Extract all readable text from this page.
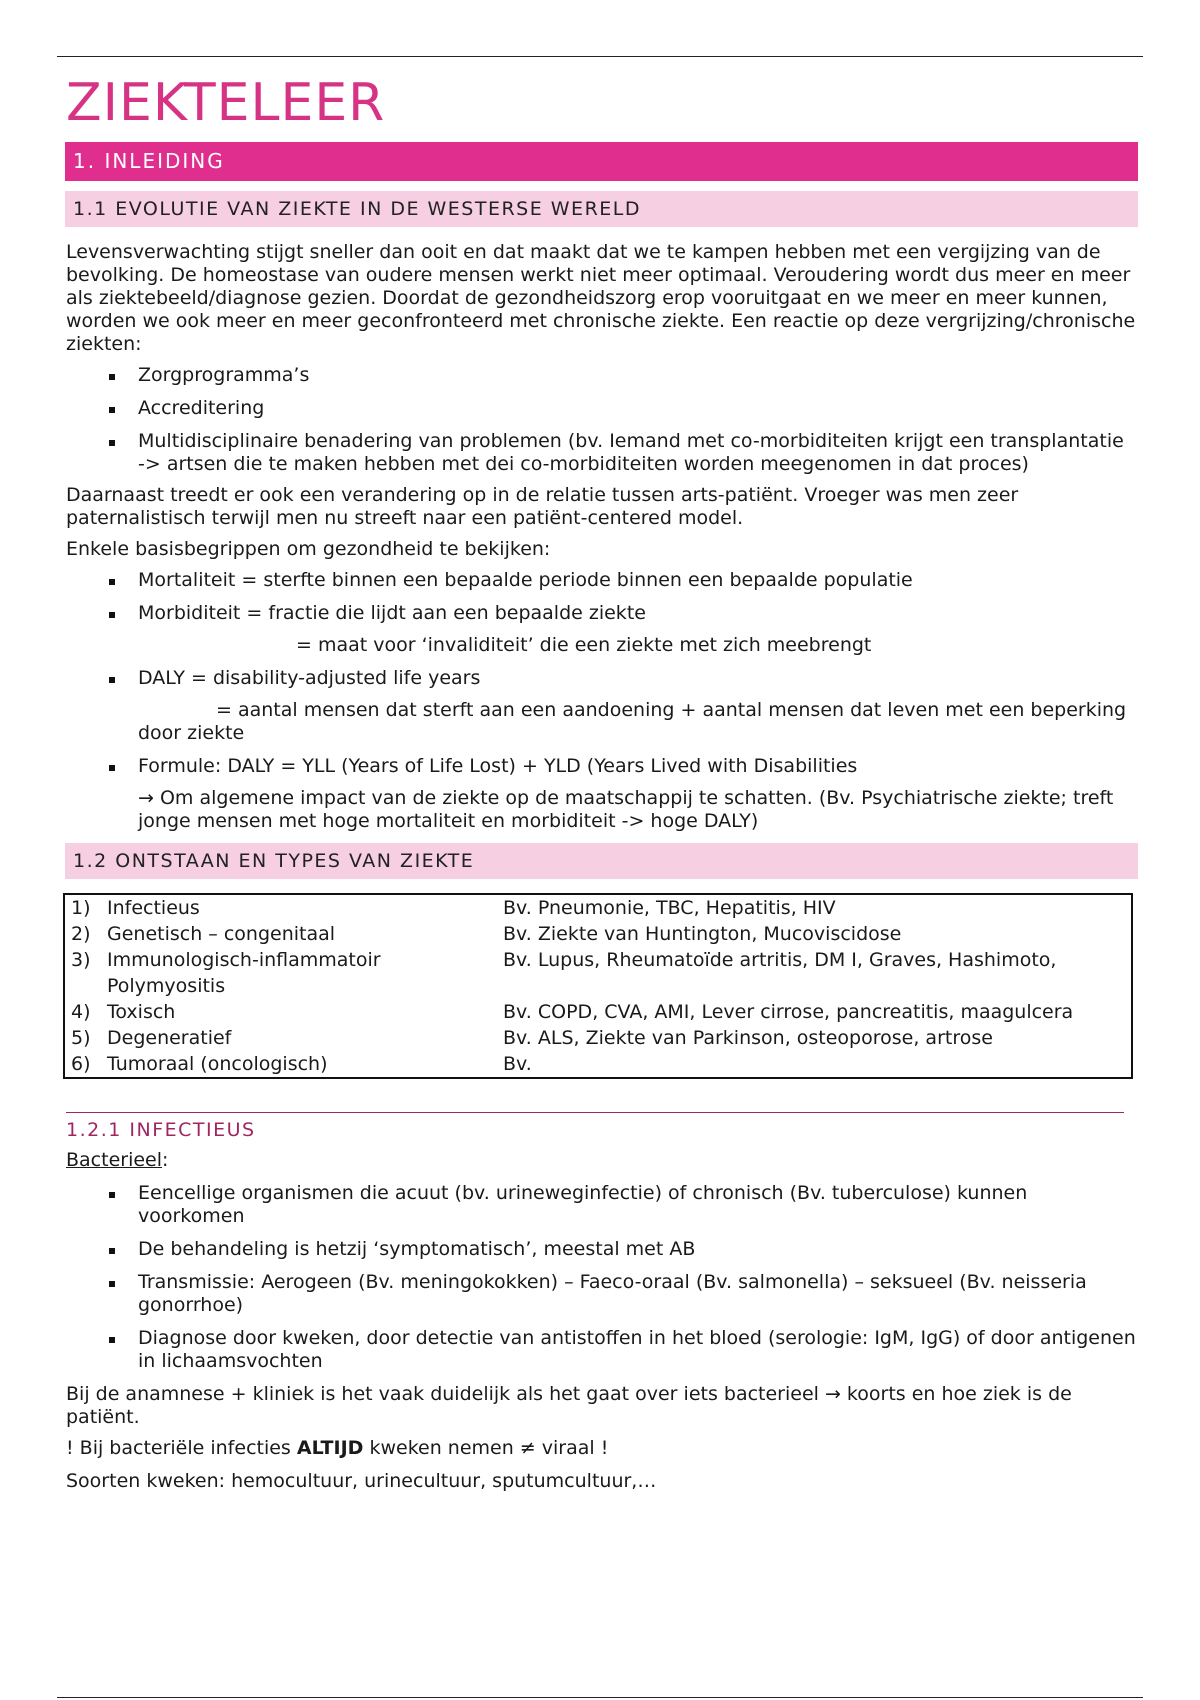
ZIEKTELEER
1. INLEIDING
1.1 EVOLUTIE VAN ZIEKTE IN DE WESTERSE WERELD

Levensverwachting stijgt sneller dan ooit en dat maakt dat we te kampen hebben met een vergijzing van de bevolking. De homeostase van oudere mensen werkt niet meer optimaal. Veroudering wordt dus meer en meer als ziektebeeld/diagnose gezien. Doordat de gezondheidszorg erop vooruitgaat en we meer en meer kunnen, worden we ook meer en meer geconfronteerd met chronische ziekte. Een reactie op deze vergrijzing/chronische ziekten:

Zorgprogramma’s
Accreditering
Multidisciplinaire benadering van problemen (bv. Iemand met co-morbiditeiten krijgt een transplantatie -> artsen die te maken hebben met dei co-morbiditeiten worden meegenomen in dat proces)

Daarnaast treedt er ook een verandering op in de relatie tussen arts-patiënt. Vroeger was men zeer paternalistisch terwijl men nu streeft naar een patiënt-centered model.

Enkele basisbegrippen om gezondheid te bekijken:

Mortaliteit = sterfte binnen een bepaalde periode binnen een bepaalde populatie
Morbiditeit = fractie die lijdt aan een bepaalde ziekte
= maat voor ‘invaliditeit’ die een ziekte met zich meebrengt
DALY = disability-adjusted life years
= aantal mensen dat sterft aan een aandoening + aantal mensen dat leven met een beperking door ziekte
Formule: DALY = YLL (Years of Life Lost) + YLD (Years Lived with Disabilities
→ Om algemene impact van de ziekte op de maatschappij te schatten. (Bv. Psychiatrische ziekte; treft jonge mensen met hoge mortaliteit en morbiditeit -> hoge DALY)
1.2 ONTSTAAN EN TYPES VAN ZIEKTE
1)	Infectieus	Bv. Pneumonie, TBC, Hepatitis, HIV
2)	Genetisch – congenitaal	Bv. Ziekte van Huntington, Mucoviscidose
3)	Immunologisch-inflammatoir	Bv. Lupus, Rheumatoïde artritis, DM I, Graves, Hashimoto,
	Polymyositis	
4)	Toxisch	Bv. COPD, CVA, AMI, Lever cirrose, pancreatitis, maagulcera
5)	Degeneratief	Bv. ALS, Ziekte van Parkinson, osteoporose, artrose
6)	Tumoraal (oncologisch)	Bv.
1.2.1 INFECTIEUS

Bacterieel:

Eencellige organismen die acuut (bv. urineweginfectie) of chronisch (Bv. tuberculose) kunnen voorkomen
De behandeling is hetzij ‘symptomatisch’, meestal met AB
Transmissie: Aerogeen (Bv. meningokokken) – Faeco-oraal (Bv. salmonella) – seksueel (Bv. neisseria gonorrhoe)
Diagnose door kweken, door detectie van antistoffen in het bloed (serologie: IgM, IgG) of door antigenen in lichaamsvochten

Bij de anamnese + kliniek is het vaak duidelijk als het gaat over iets bacterieel → koorts en hoe ziek is de patiënt.

! Bij bacteriële infecties ALTIJD kweken nemen ≠ viraal !

Soorten kweken: hemocultuur, urinecultuur, sputumcultuur,…
